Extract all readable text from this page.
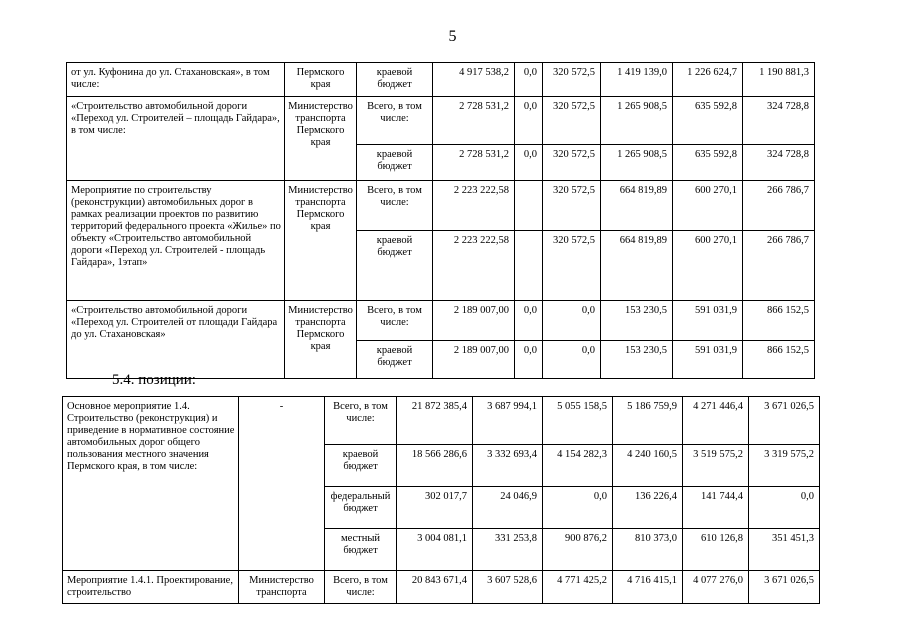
5
от ул. Куфонина до ул. Стахановская», в том числе:	Пермского края	краевой бюджет	4 917 538,2	0,0	320 572,5	1 419 139,0	1 226 624,7	1 190 881,3
«Строительство автомобильной дороги «Переход ул. Строителей – площадь Гайдара», в том числе:	Министерство транспорта Пермского края	Всего, в том числе:	2 728 531,2	0,0	320 572,5	1 265 908,5	635 592,8	324 728,8
		краевой бюджет	2 728 531,2	0,0	320 572,5	1 265 908,5	635 592,8	324 728,8
Мероприятие по строительству (реконструкции) автомобильных дорог в рамках реализации проектов по развитию территорий федерального проекта «Жилье» по объекту «Строительство автомобильной дороги «Переход ул. Строителей - площадь Гайдара», 1этап»	Министерство транспорта Пермского края	Всего, в том числе:	2 223 222,58		320 572,5	664 819,89	600 270,1	266 786,7
		краевой бюджет	2 223 222,58		320 572,5	664 819,89	600 270,1	266 786,7
«Строительство автомобильной дороги «Переход ул. Строителей от площади Гайдара до ул. Стахановская»	Министерство транспорта Пермского края	Всего, в том числе:	2 189 007,00	0,0	0,0	153 230,5	591 031,9	866 152,5
		краевой бюджет	2 189 007,00	0,0	0,0	153 230,5	591 031,9	866 152,5
5.4. позиции:
Основное мероприятие 1.4. Строительство (реконструкция) и приведение в нормативное состояние автомобильных дорог общего пользования местного значения Пермского края, в том числе:	-	Всего, в том числе:	21 872 385,4	3 687 994,1	5 055 158,5	5 186 759,9	4 271 446,4	3 671 026,5
		краевой бюджет	18 566 286,6	3 332 693,4	4 154 282,3	4 240 160,5	3 519 575,2	3 319 575,2
		федеральный бюджет	302 017,7	24 046,9	0,0	136 226,4	141 744,4	0,0
		местный бюджет	3 004 081,1	331 253,8	900 876,2	810 373,0	610 126,8	351 451,3
Мероприятие 1.4.1. Проектирование, строительство	Министерство транспорта	Всего, в том числе:	20 843 671,4	3 607 528,6	4 771 425,2	4 716 415,1	4 077 276,0	3 671 026,5
